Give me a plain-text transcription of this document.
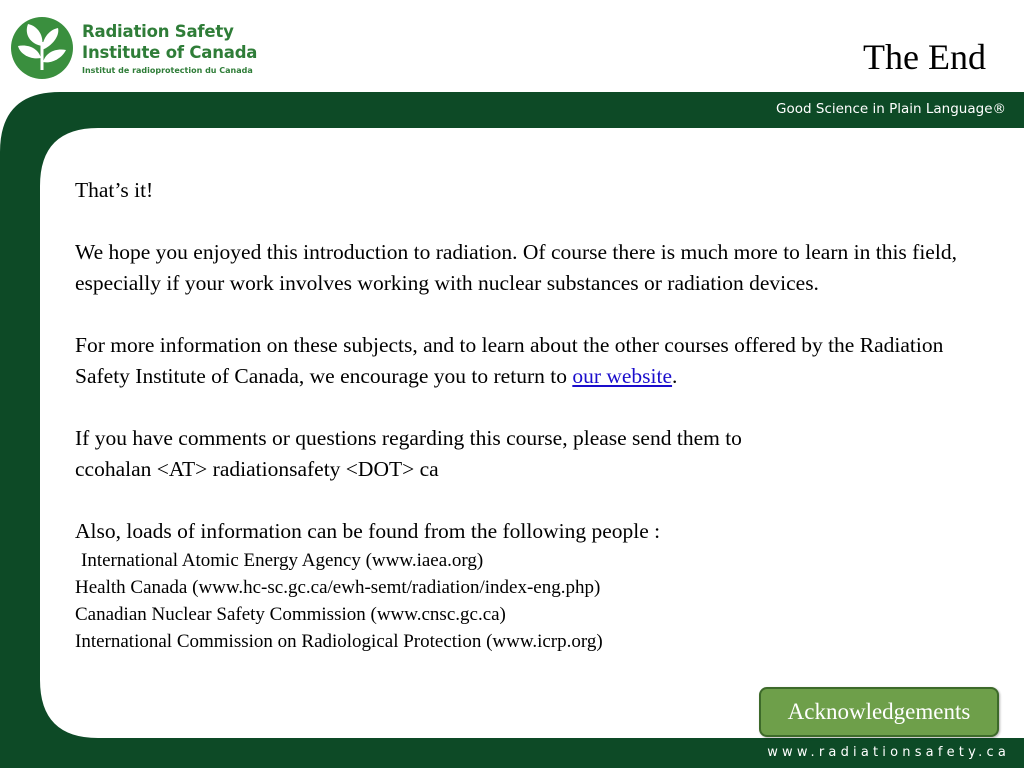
Radiation Safety
Institute of Canada
Institut de radioprotection du Canada	The End
Good Science in Plain Language®

That’s it!

We hope you enjoyed this introduction to radiation. Of course there is much more to learn in this field, especially if your work involves working with nuclear substances or radiation devices.

For more information on these subjects, and to learn about the other courses offered by the Radiation Safety Institute of Canada, we encourage you to return to our website.

If you have comments or questions regarding this course, please send them to
ccohalan <AT> radiationsafety <DOT> ca

Also, loads of information can be found from the following people :

International Atomic Energy Agency (www.iaea.org)
Health Canada (www.hc-sc.gc.ca/ewh-semt/radiation/index-eng.php)
Canadian Nuclear Safety Commission (www.cnsc.gc.ca)
International Commission on Radiological Protection (www.icrp.org)
Acknowledgements
www.radiationsafety.ca
